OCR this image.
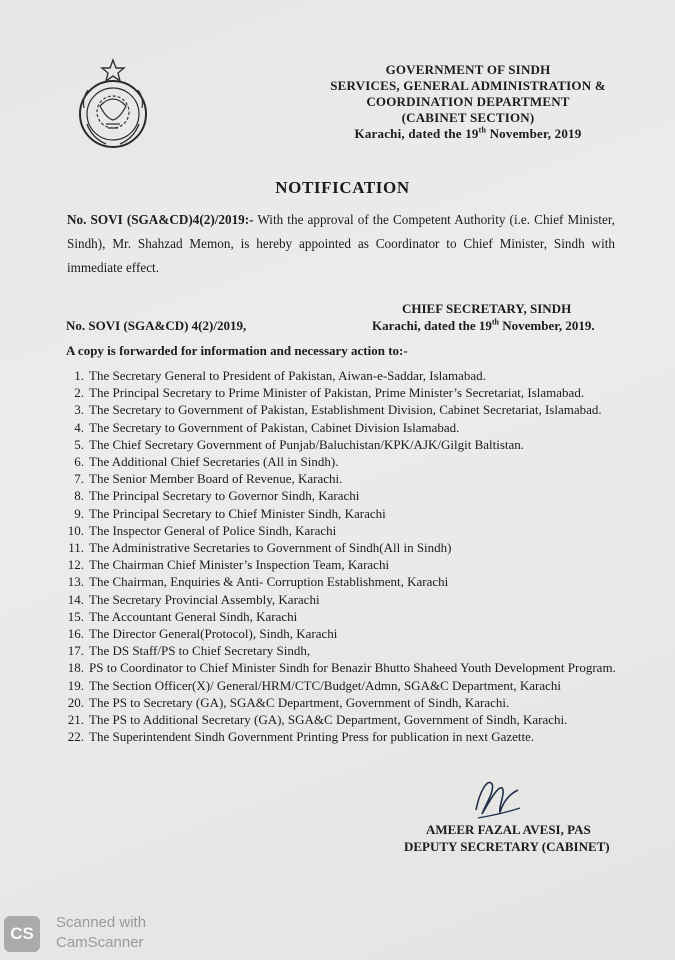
GOVERNMENT OF SINDH
SERVICES, GENERAL ADMINISTRATION &
COORDINATION DEPARTMENT
(CABINET SECTION)
Karachi, dated the 19th November, 2019
NOTIFICATION
No. SOVI (SGA&CD)4(2)/2019:- With the approval of the Competent Authority (i.e. Chief Minister, Sindh), Mr. Shahzad Memon, is hereby appointed as Coordinator to Chief Minister, Sindh with immediate effect.
CHIEF SECRETARY, SINDH
No. SOVI (SGA&CD) 4(2)/2019,	Karachi, dated the 19th November, 2019.
A copy is forwarded for information and necessary action to:-
1. The Secretary General to President of Pakistan, Aiwan-e-Saddar, Islamabad.
2. The Principal Secretary to Prime Minister of Pakistan, Prime Minister’s Secretariat, Islamabad.
3. The Secretary to Government of Pakistan, Establishment Division, Cabinet Secretariat, Islamabad.
4. The Secretary to Government of Pakistan, Cabinet Division Islamabad.
5. The Chief Secretary Government of Punjab/Baluchistan/KPK/AJK/Gilgit Baltistan.
6. The Additional Chief Secretaries (All in Sindh).
7. The Senior Member Board of Revenue, Karachi.
8. The Principal Secretary to Governor Sindh, Karachi
9. The Principal Secretary to Chief Minister Sindh, Karachi
10. The Inspector General of Police Sindh, Karachi
11. The Administrative Secretaries to Government of Sindh(All in Sindh)
12. The Chairman Chief Minister’s Inspection Team, Karachi
13. The Chairman, Enquiries & Anti- Corruption Establishment, Karachi
14. The Secretary Provincial Assembly, Karachi
15. The Accountant General Sindh, Karachi
16. The Director General(Protocol), Sindh, Karachi
17. The DS Staff/PS to Chief Secretary Sindh,
18. PS to Coordinator to Chief Minister Sindh for Benazir Bhutto Shaheed Youth Development Program.
19. The Section Officer(X)/ General/HRM/CTC/Budget/Admn, SGA&C Department, Karachi
20. The PS to Secretary (GA), SGA&C Department, Government of Sindh, Karachi.
21. The PS to Additional Secretary (GA), SGA&C Department, Government of Sindh, Karachi.
22. The Superintendent Sindh Government Printing Press for publication in next Gazette.
AMEER FAZAL AVESI, PAS
DEPUTY SECRETARY (CABINET)
CS
Scanned with
CamScanner
